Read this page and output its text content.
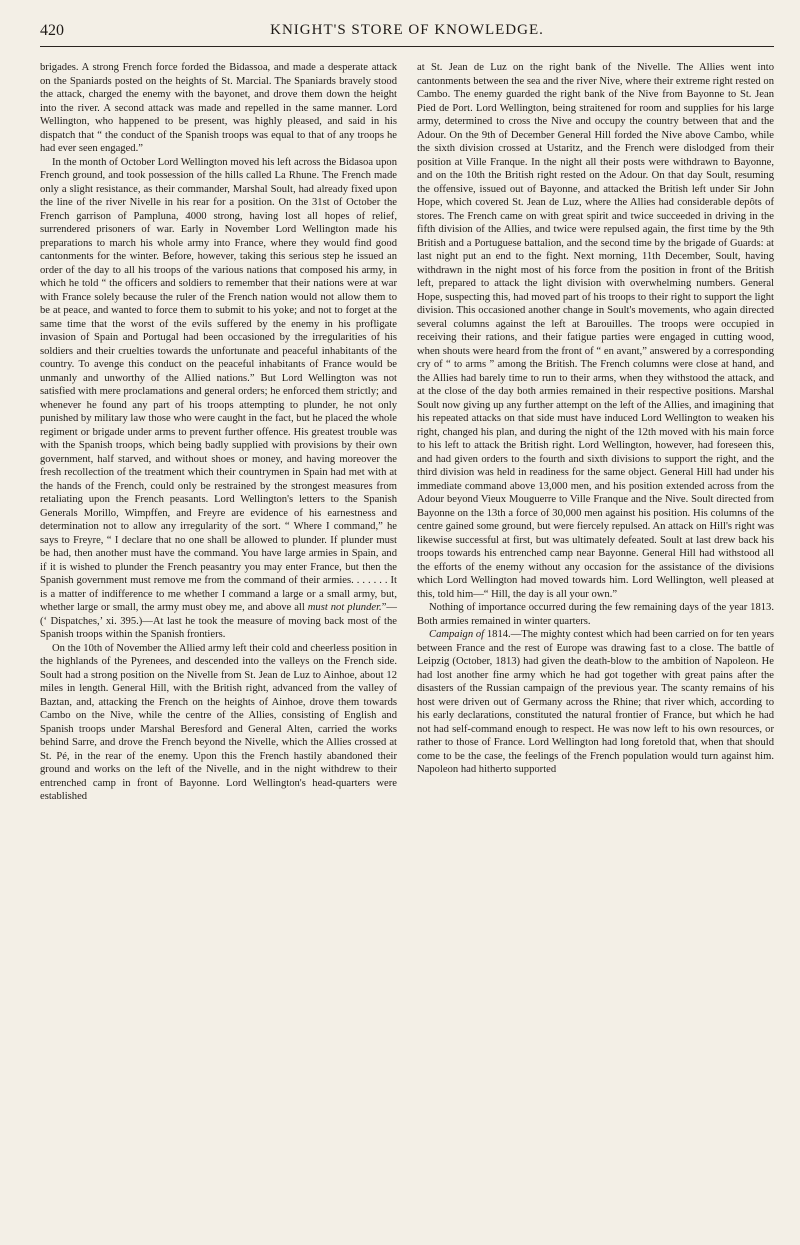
420	KNIGHT'S STORE OF KNOWLEDGE.

brigades. A strong French force forded the Bidassoa, and made a desperate attack on the Spaniards posted on the heights of St. Marcial. The Spaniards bravely stood the attack, charged the enemy with the bayonet, and drove them down the height into the river. A second attack was made and repelled in the same manner. Lord Wellington, who happened to be present, was highly pleased, and said in his dispatch that “ the conduct of the Spanish troops was equal to that of any troops he had ever seen engaged.”

In the month of October Lord Wellington moved his left across the Bidasoa upon French ground, and took possession of the hills called La Rhune. The French made only a slight resistance, as their commander, Marshal Soult, had already fixed upon the line of the river Nivelle in his rear for a position. On the 31st of October the French garrison of Pampluna, 4000 strong, having lost all hopes of relief, surrendered prisoners of war. Early in November Lord Wellington made his preparations to march his whole army into France, where they would find good cantonments for the winter. Before, however, taking this serious step he issued an order of the day to all his troops of the various nations that composed his army, in which he told “ the officers and soldiers to remember that their nations were at war with France solely because the ruler of the French nation would not allow them to be at peace, and wanted to force them to submit to his yoke; and not to forget at the same time that the worst of the evils suffered by the enemy in his profligate invasion of Spain and Portugal had been occasioned by the irregularities of his soldiers and their cruelties towards the unfortunate and peaceful inhabitants of the country. To avenge this conduct on the peaceful inhabitants of France would be unmanly and unworthy of the Allied nations.” But Lord Wellington was not satisfied with mere proclamations and general orders; he enforced them strictly; and whenever he found any part of his troops attempting to plunder, he not only punished by military law those who were caught in the fact, but he placed the whole regiment or brigade under arms to prevent further offence. His greatest trouble was with the Spanish troops, which being badly supplied with provisions by their own government, half starved, and without shoes or money, and having moreover the fresh recollection of the treatment which their countrymen in Spain had met with at the hands of the French, could only be restrained by the strongest measures from retaliating upon the French peasants. Lord Wellington's letters to the Spanish Generals Morillo, Wimpffen, and Freyre are evidence of his earnestness and determination not to allow any irregularity of the sort. “ Where I command,” he says to Freyre, “ I declare that no one shall be allowed to plunder. If plunder must be had, then another must have the command. You have large armies in Spain, and if it is wished to plunder the French peasantry you may enter France, but then the Spanish government must remove me from the command of their armies. . . . . . . It is a matter of indifference to me whether I command a large or a small army, but, whether large or small, the army must obey me, and above all must not plunder.”—(‘ Dispatches,’ xi. 395.)—At last he took the measure of moving back most of the Spanish troops within the Spanish frontiers.

On the 10th of November the Allied army left their cold and cheerless position in the highlands of the Pyrenees, and descended into the valleys on the French side. Soult had a strong position on the Nivelle from St. Jean de Luz to Ainhoe, about 12 miles in length. General Hill, with the British right, advanced from the valley of Baztan, and, attacking the French on the heights of Ainhoe, drove them towards Cambo on the Nive, while the centre of the Allies, consisting of English and Spanish troops under Marshal Beresford and General Alten, carried the works behind Sarre, and drove the French beyond the Nivelle, which the Allies crossed at St. Pé, in the rear of the enemy. Upon this the French hastily abandoned their ground and works on the left of the Nivelle, and in the night withdrew to their entrenched camp in front of Bayonne. Lord Wellington's head-quarters were established

at St. Jean de Luz on the right bank of the Nivelle. The Allies went into cantonments between the sea and the river Nive, where their extreme right rested on Cambo. The enemy guarded the right bank of the Nive from Bayonne to St. Jean Pied de Port. Lord Wellington, being straitened for room and supplies for his large army, determined to cross the Nive and occupy the country between that and the Adour. On the 9th of December General Hill forded the Nive above Cambo, while the sixth division crossed at Ustaritz, and the French were dislodged from their position at Ville Franque. In the night all their posts were withdrawn to Bayonne, and on the 10th the British right rested on the Adour. On that day Soult, resuming the offensive, issued out of Bayonne, and attacked the British left under Sir John Hope, which covered St. Jean de Luz, where the Allies had considerable depôts of stores. The French came on with great spirit and twice succeeded in driving in the fifth division of the Allies, and twice were repulsed again, the first time by the 9th British and a Portuguese battalion, and the second time by the brigade of Guards: at last night put an end to the fight. Next morning, 11th December, Soult, having withdrawn in the night most of his force from the position in front of the British left, prepared to attack the light division with overwhelming numbers. General Hope, suspecting this, had moved part of his troops to their right to support the light division. This occasioned another change in Soult's movements, who again directed several columns against the left at Barouilles. The troops were occupied in receiving their rations, and their fatigue parties were engaged in cutting wood, when shouts were heard from the front of “ en avant,” answered by a corresponding cry of “ to arms ” among the British. The French columns were close at hand, and the Allies had barely time to run to their arms, when they withstood the attack, and at the close of the day both armies remained in their respective positions. Marshal Soult now giving up any further attempt on the left of the Allies, and imagining that his repeated attacks on that side must have induced Lord Wellington to weaken his right, changed his plan, and during the night of the 12th moved with his main force to his left to attack the British right. Lord Wellington, however, had foreseen this, and had given orders to the fourth and sixth divisions to support the right, and the third division was held in readiness for the same object. General Hill had under his immediate command above 13,000 men, and his position extended across from the Adour beyond Vieux Mouguerre to Ville Franque and the Nive. Soult directed from Bayonne on the 13th a force of 30,000 men against his position. His columns of the centre gained some ground, but were fiercely repulsed. An attack on Hill's right was likewise successful at first, but was ultimately defeated. Soult at last drew back his troops towards his entrenched camp near Bayonne. General Hill had withstood all the efforts of the enemy without any occasion for the assistance of the divisions which Lord Wellington had moved towards him. Lord Wellington, well pleased at this, told him—“ Hill, the day is all your own.”

Nothing of importance occurred during the few remaining days of the year 1813. Both armies remained in winter quarters.

Campaign of 1814.—The mighty contest which had been carried on for ten years between France and the rest of Europe was drawing fast to a close. The battle of Leipzig (October, 1813) had given the death-blow to the ambition of Napoleon. He had lost another fine army which he had got together with great pains after the disasters of the Russian campaign of the previous year. The scanty remains of his host were driven out of Germany across the Rhine; that river which, according to his early declarations, constituted the natural frontier of France, but which he had not had self-command enough to respect. He was now left to his own resources, or rather to those of France. Lord Wellington had long foretold that, when that should come to be the case, the feelings of the French population would turn against him. Napoleon had hitherto supported
